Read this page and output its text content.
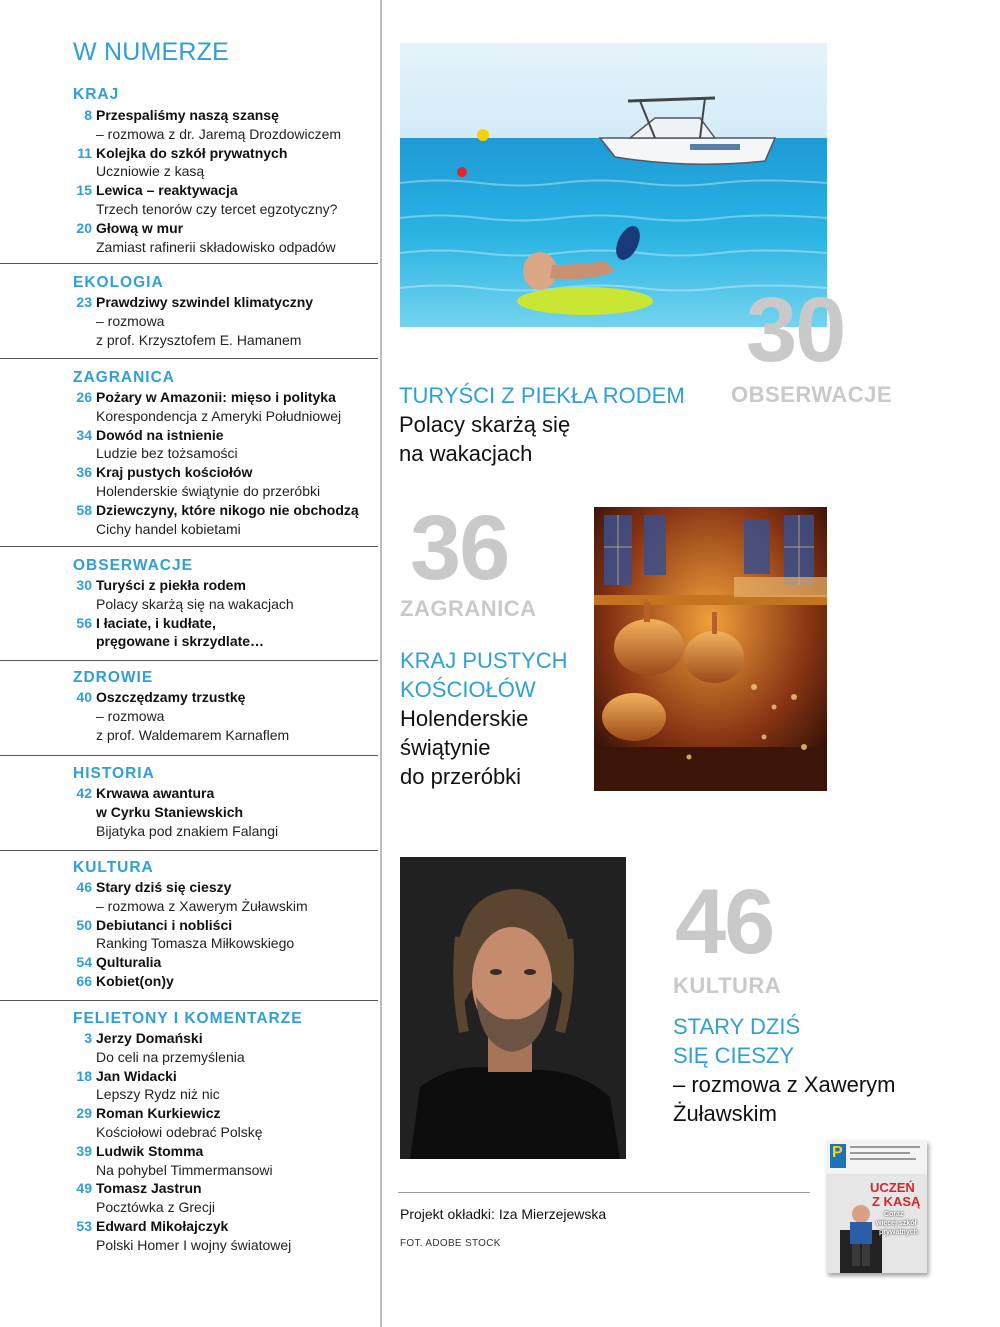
W NUMERZE
KRAJ
8 Przespaliśmy naszą szansę
– rozmowa z dr. Jaremą Drozdowiczem
11 Kolejka do szkół prywatnych
Uczniowie z kasą
15 Lewica – reaktywacja
Trzech tenorów czy tercet egzotyczny?
20 Głową w mur
Zamiast rafinerii składowisko odpadów
EKOLOGIA
23 Prawdziwy szwindel klimatyczny
– rozmowa
z prof. Krzysztofem E. Hamanem
ZAGRANICA
26 Pożary w Amazonii: mięso i polityka
Korespondencja z Ameryki Południowej
34 Dowód na istnienie
Ludzie bez tożsamości
36 Kraj pustych kościołów
Holenderskie świątynie do przeróbki
58 Dziewczyny, które nikogo nie obchodzą
Cichy handel kobietami
OBSERWACJE
30 Turyści z piekła rodem
Polacy skarżą się na wakacjach
56 I łaciate, i kudłate,
pręgowane i skrzydlate…
ZDROWIE
40 Oszczędzamy trzustkę
– rozmowa
z prof. Waldemarem Karnaflem
HISTORIA
42 Krwawa awantura
w Cyrku Staniewskich
Bijatyka pod znakiem Falangi
KULTURA
46 Stary dziś się cieszy
– rozmowa z Xawerym Żuławskim
50 Debiutanci i nobliści
Ranking Tomasza Miłkowskiego
54 Qulturalia
66 Kobiet(on)y
FELIETONY I KOMENTARZE
3 Jerzy Domański
Do celi na przemyślenia
18 Jan Widacki
Lepszy Rydz niż nic
29 Roman Kurkiewicz
Kościołowi odebrać Polskę
39 Ludwik Stomma
Na pohybel Timmermansowi
49 Tomasz Jastrun
Pocztówka z Grecji
53 Edward Mikołajczyk
Polski Homer I wojny światowej
30
OBSERWACJE
TURYŚCI Z PIEKŁA RODEM
Polacy skarżą się
na wakacjach
36
ZAGRANICA
KRAJ PUSTYCH
KOŚCIOŁÓW
Holenderskie
świątynie
do przeróbki
46
KULTURA
STARY DZIŚ
SIĘ CIESZY
– rozmowa z Xawerym
Żuławskim
P
UCZEŃ
Z KASĄ
Coraz
więcej szkół
prywatnych
Projekt okładki: Iza Mierzejewska
FOT. ADOBE STOCK
